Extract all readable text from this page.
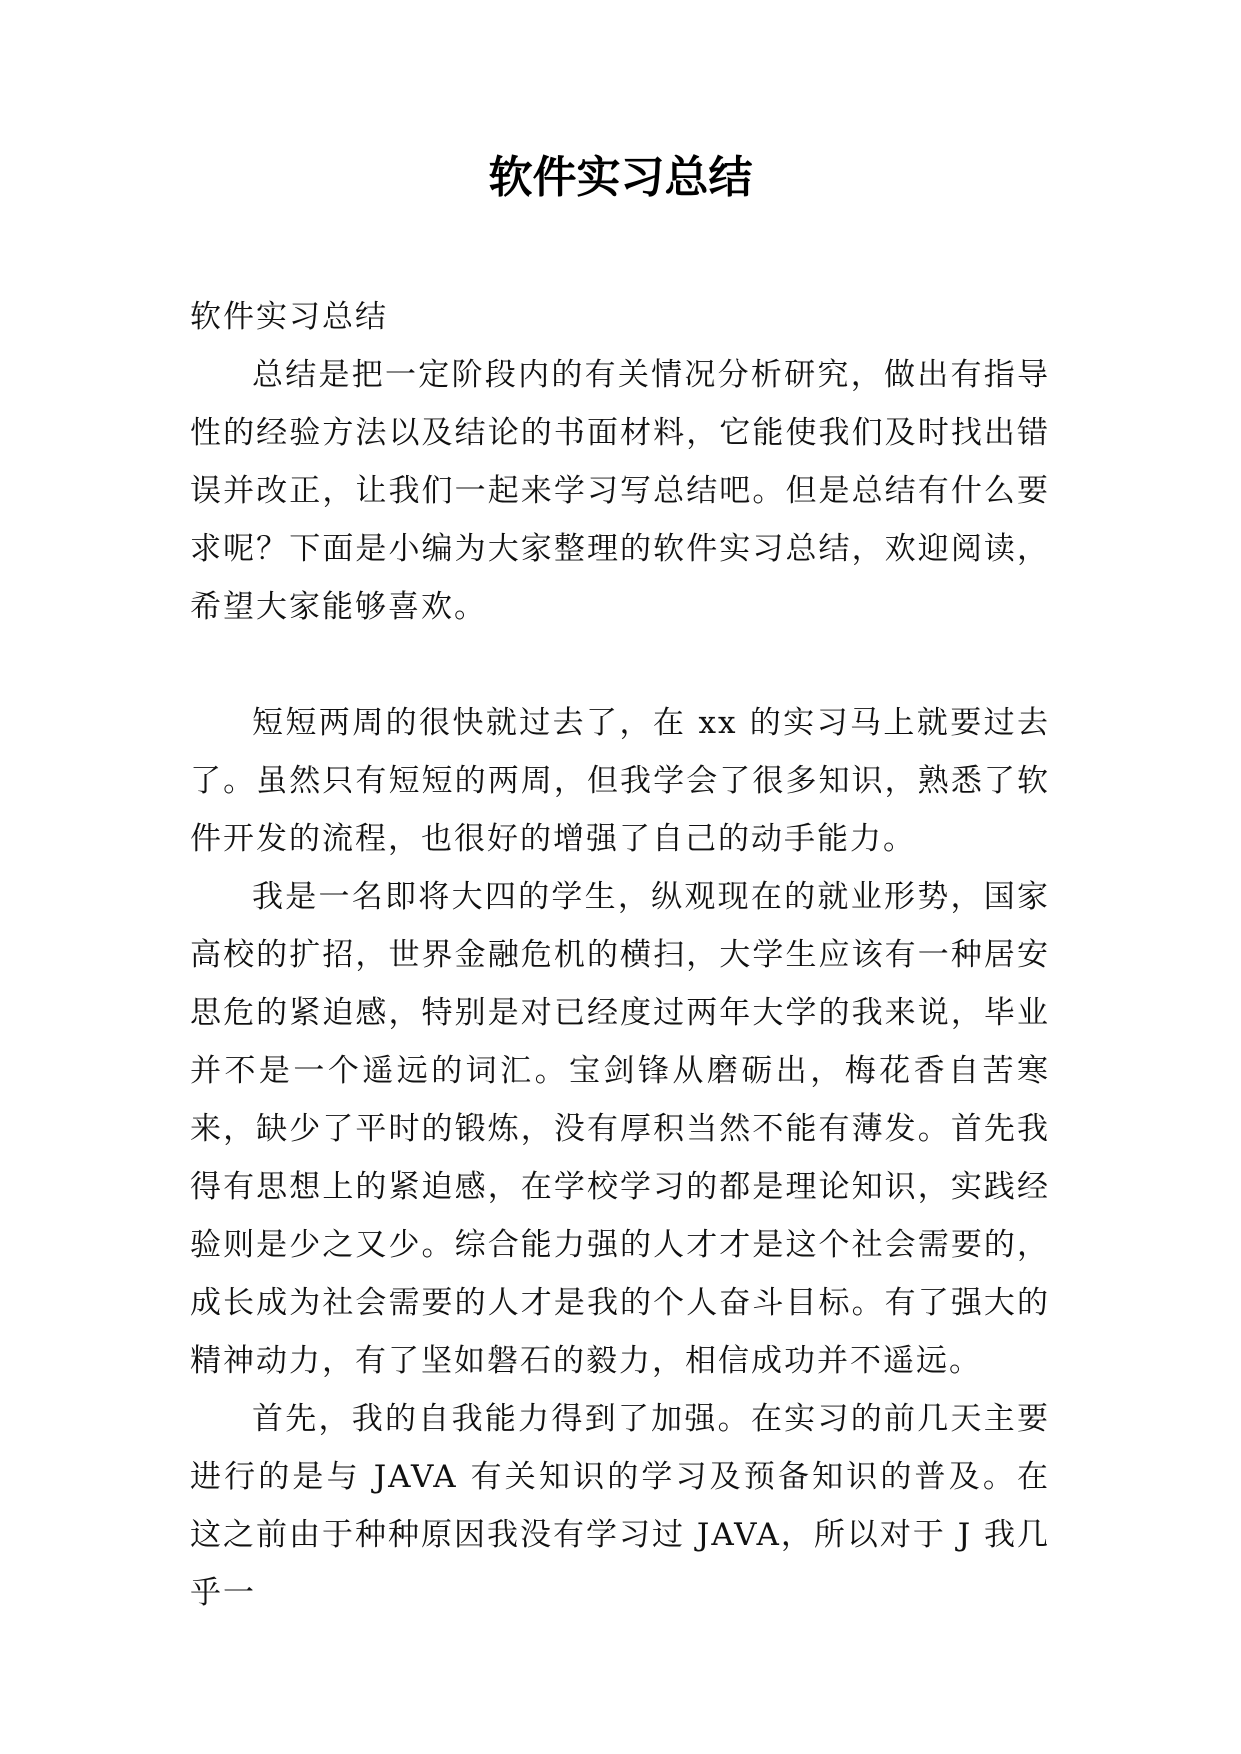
软件实习总结

软件实习总结

总结是把一定阶段内的有关情况分析研究，做出有指导性的经验方法以及结论的书面材料，它能使我们及时找出错误并改正，让我们一起来学习写总结吧。但是总结有什么要求呢？下面是小编为大家整理的软件实习总结，欢迎阅读，希望大家能够喜欢。

短短两周的很快就过去了，在 xx 的实习马上就要过去了。虽然只有短短的两周，但我学会了很多知识，熟悉了软件开发的流程，也很好的增强了自己的动手能力。

我是一名即将大四的学生，纵观现在的就业形势，国家高校的扩招，世界金融危机的横扫，大学生应该有一种居安思危的紧迫感，特别是对已经度过两年大学的我来说，毕业并不是一个遥远的词汇。宝剑锋从磨砺出，梅花香自苦寒来，缺少了平时的锻炼，没有厚积当然不能有薄发。首先我得有思想上的紧迫感，在学校学习的都是理论知识，实践经验则是少之又少。综合能力强的人才才是这个社会需要的，成长成为社会需要的人才是我的个人奋斗目标。有了强大的精神动力，有了坚如磐石的毅力，相信成功并不遥远。

首先，我的自我能力得到了加强。在实习的前几天主要进行的是与 JAVA 有关知识的学习及预备知识的普及。在这之前由于种种原因我没有学习过 JAVA，所以对于 J 我几乎一
